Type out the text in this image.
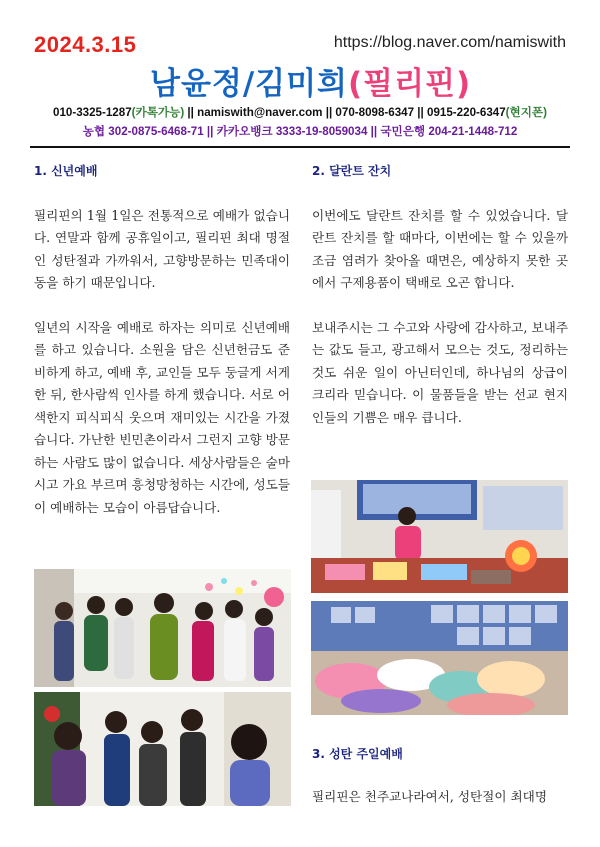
2024.3.15	https://blog.naver.com/namiswith
남윤정/김미희(필리핀)
010-3325-1287(카톡가능) || namiswith@naver.com || 070-8098-6347 || 0915-220-6347(현지폰)
농협 302-0875-6468-71 || 카카오뱅크 3333-19-8059034 || 국민은행 204-21-1448-712
1. 신년예배

필리핀의 1월 1일은 전통적으로 예배가 없습니다. 연말과 함께 공휴일이고, 필리핀 최대 명절인 성탄절과 가까워서, 고향방문하는 민족대이동을 하기 때문입니다.

일년의 시작을 예배로 하자는 의미로 신년예배를 하고 있습니다. 소원을 담은 신년헌금도 준비하게 하고, 예배 후, 교인들 모두 둥글게 서게 한 뒤, 한사람씩 인사를 하게 했습니다. 서로 어색한지 피식피식 웃으며 재미있는 시간을 가졌습니다. 가난한 빈민촌이라서 그런지 고향 방문하는 사람도 많이 없습니다. 세상사람들은 술마시고 가요 부르며 흥청망청하는 시간에, 성도들이 예배하는 모습이 아름답습니다.

2. 달란트 잔치

이번에도 달란트 잔치를 할 수 있었습니다. 달란트 잔치를 할 때마다, 이번에는 할 수 있을까 조금 염려가 찾아올 때면은, 예상하지 못한 곳에서 구제용품이 택배로 오곤 합니다.

보내주시는 그 수고와 사랑에 감사하고, 보내주는 값도 들고, 광고해서 모으는 것도, 정리하는 것도 쉬운 일이 아닌터인데, 하나님의 상급이 크리라 믿습니다. 이 물품들을 받는 선교 현지인들의 기쁨은 매우 큽니다.

3. 성탄 주일예배
필리핀은 천주교나라여서, 성탄절이 최대명
